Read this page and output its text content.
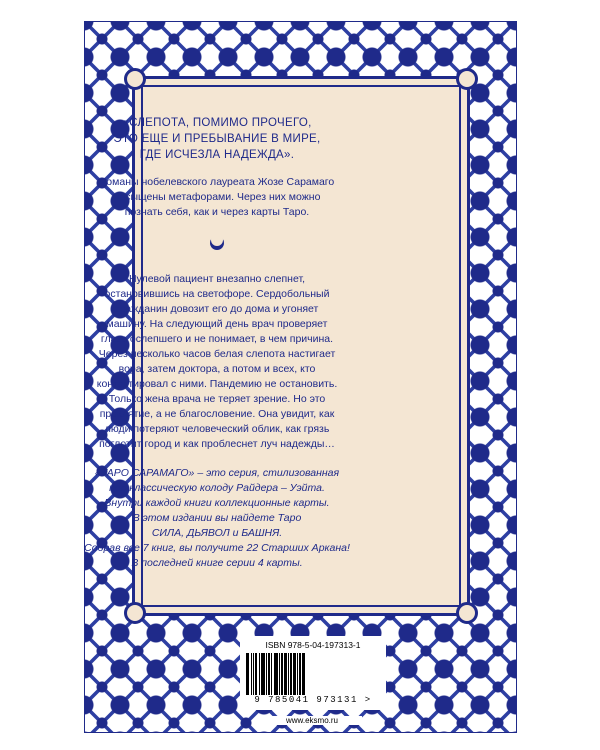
«СЛЕПОТА, ПОМИМО ПРОЧЕГО,
ЭТО ЕЩЕ И ПРЕБЫВАНИЕ В МИРЕ,
ГДЕ ИСЧЕЗЛА НАДЕЖДА».

Романы нобелевского лауреата Жозе Сарамаго
насыщены метафорами. Через них можно
познать себя, как и через карты Таро.

Нулевой пациент внезапно слепнет,
остановившись на светофоре. Сердобольный
гражданин довозит его до дома и угоняет
машину. На следующий день врач проверяет
глаза ослепшего и не понимает, в чем причина.
Через несколько часов белая слепота настигает
вора, затем доктора, а потом и всех, кто
контактировал с ними. Пандемию не остановить.
Только жена врача не теряет зрение. Но это
проклятие, а не благословение. Она увидит, как
люди потеряют человеческий облик, как грязь
поглотит город и как проблеснет луч надежды…

«ТАРО САРАМАГО» – это серия, стилизованная
под классическую колоду Райдера – Уэйта.
Внутри каждой книги коллекционные карты.
В этом издании вы найдете Таро
СИЛА, ДЬЯВОЛ и БАШНЯ.
Собрав все 7 книг, вы получите 22 Старших Аркана!
В последней книге серии 4 карты.

ISBN 978-5-04-197313-1
9 785041 973131 >
www.eksmo.ru
